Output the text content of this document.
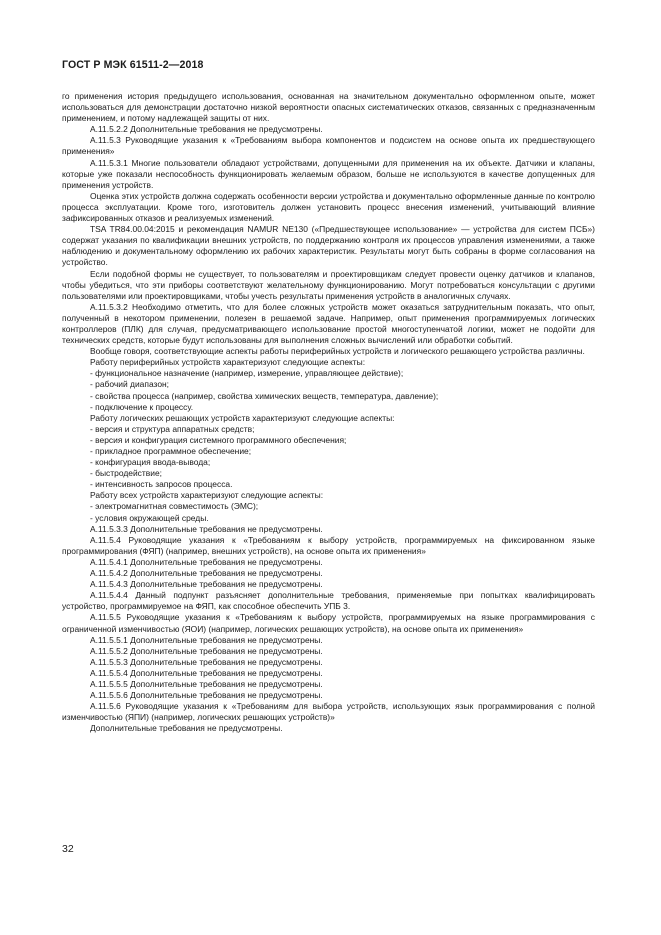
ГОСТ Р МЭК 61511-2—2018

го применения история предыдущего использования, основанная на значительном документально оформленном опыте, может использоваться для демонстрации достаточно низкой вероятности опасных систематических отказов, связанных с предназначенным применением, и потому надлежащей защиты от них.

А.11.5.2.2 Дополнительные требования не предусмотрены.

А.11.5.3 Руководящие указания к «Требованиям выбора компонентов и подсистем на основе опыта их предшествующего применения»

А.11.5.3.1 Многие пользователи обладают устройствами, допущенными для применения на их объекте. Датчики и клапаны, которые уже показали неспособность функционировать желаемым образом, больше не используются в качестве допущенных для применения устройств.

Оценка этих устройств должна содержать особенности версии устройства и документально оформленные данные по контролю процесса эксплуатации. Кроме того, изготовитель должен установить процесс внесения изменений, учитывающий влияние зафиксированных отказов и реализуемых изменений.

TSA TR84.00.04:2015 и рекомендация NAMUR NE130 («Предшествующее использование» — устройства для систем ПСБ») содержат указания по квалификации внешних устройств, по поддержанию контроля их процессов управления изменениями, а также наблюдению и документальному оформлению их рабочих характеристик. Результаты могут быть собраны в форме согласования на устройство.

Если подобной формы не существует, то пользователям и проектировщикам следует провести оценку датчиков и клапанов, чтобы убедиться, что эти приборы соответствуют желательному функционированию. Могут потребоваться консультации с другими пользователями или проектировщиками, чтобы учесть результаты применения устройств в аналогичных случаях.

А.11.5.3.2 Необходимо отметить, что для более сложных устройств может оказаться затруднительным показать, что опыт, полученный в некотором применении, полезен в решаемой задаче. Например, опыт применения программируемых логических контроллеров (ПЛК) для случая, предусматривающего использование простой многоступенчатой логики, может не подойти для технических средств, которые будут использованы для выполнения сложных вычислений или обработки событий.

Вообще говоря, соответствующие аспекты работы периферийных устройств и логического решающего устройства различны.

Работу периферийных устройств характеризуют следующие аспекты:

- функциональное назначение (например, измерение, управляющее действие);

- рабочий диапазон;

- свойства процесса (например, свойства химических веществ, температура, давление);

- подключение к процессу.

Работу логических решающих устройств характеризуют следующие аспекты:

- версия и структура аппаратных средств;

- версия и конфигурация системного программного обеспечения;

- прикладное программное обеспечение;

- конфигурация ввода-вывода;

- быстродействие;

- интенсивность запросов процесса.

Работу всех устройств характеризуют следующие аспекты:

- электромагнитная совместимость (ЭМС);

- условия окружающей среды.

А.11.5.3.3 Дополнительные требования не предусмотрены.

А.11.5.4 Руководящие указания к «Требованиям к выбору устройств, программируемых на фиксированном языке программирования (ФЯП) (например, внешних устройств), на основе опыта их применения»

А.11.5.4.1 Дополнительные требования не предусмотрены.

А.11.5.4.2 Дополнительные требования не предусмотрены.

А.11.5.4.3 Дополнительные требования не предусмотрены.

А.11.5.4.4 Данный подпункт разъясняет дополнительные требования, применяемые при попытках квалифицировать устройство, программируемое на ФЯП, как способное обеспечить УПБ 3.

А.11.5.5 Руководящие указания к «Требованиям к выбору устройств, программируемых на языке программирования с ограниченной изменчивостью (ЯОИ) (например, логических решающих устройств), на основе опыта их применения»

А.11.5.5.1 Дополнительные требования не предусмотрены.

А.11.5.5.2 Дополнительные требования не предусмотрены.

А.11.5.5.3 Дополнительные требования не предусмотрены.

А.11.5.5.4 Дополнительные требования не предусмотрены.

А.11.5.5.5 Дополнительные требования не предусмотрены.

А.11.5.5.6 Дополнительные требования не предусмотрены.

А.11.5.6 Руководящие указания к «Требованиям для выбора устройств, использующих язык программирования с полной изменчивостью (ЯПИ) (например, логических решающих устройств)»

Дополнительные требования не предусмотрены.

32
